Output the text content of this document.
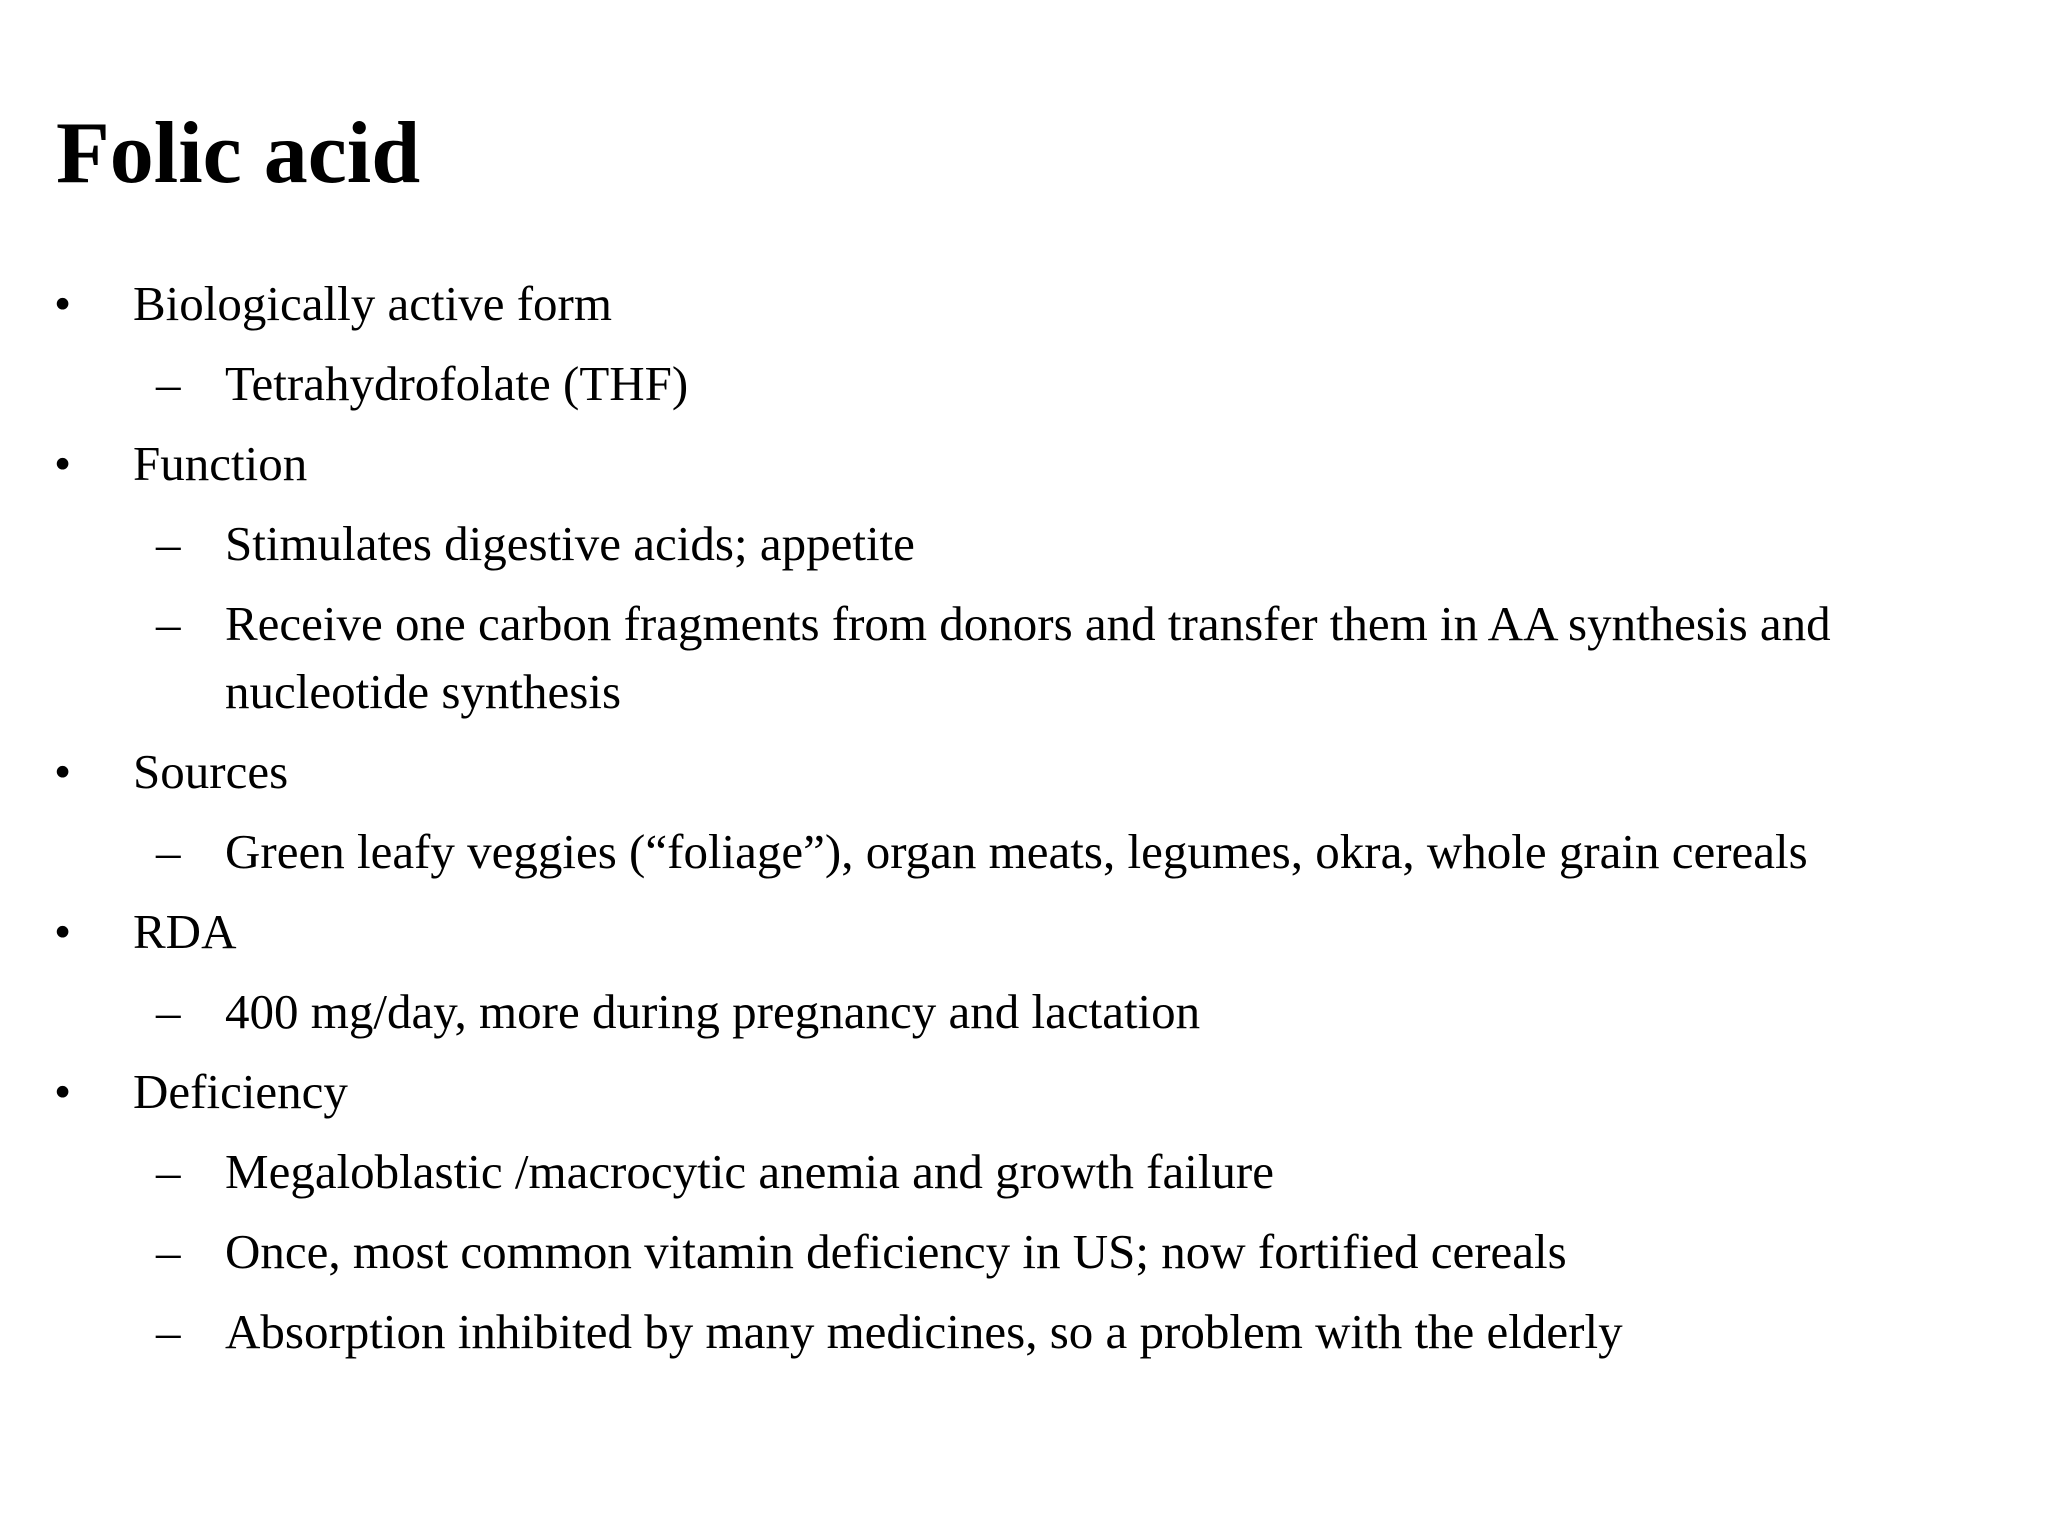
Folic acid
• Biologically active form
– Tetrahydrofolate (THF)
• Function
– Stimulates digestive acids; appetite
– Receive one carbon fragments from donors and transfer them in AA synthesis and nucleotide synthesis
• Sources
– Green leafy veggies (“foliage”), organ meats, legumes, okra, whole grain cereals
• RDA
– 400 mg/day, more during pregnancy and lactation
• Deficiency
– Megaloblastic /macrocytic anemia and growth failure
– Once, most common vitamin deficiency in US; now fortified cereals
– Absorption inhibited by many medicines, so a problem with the elderly
